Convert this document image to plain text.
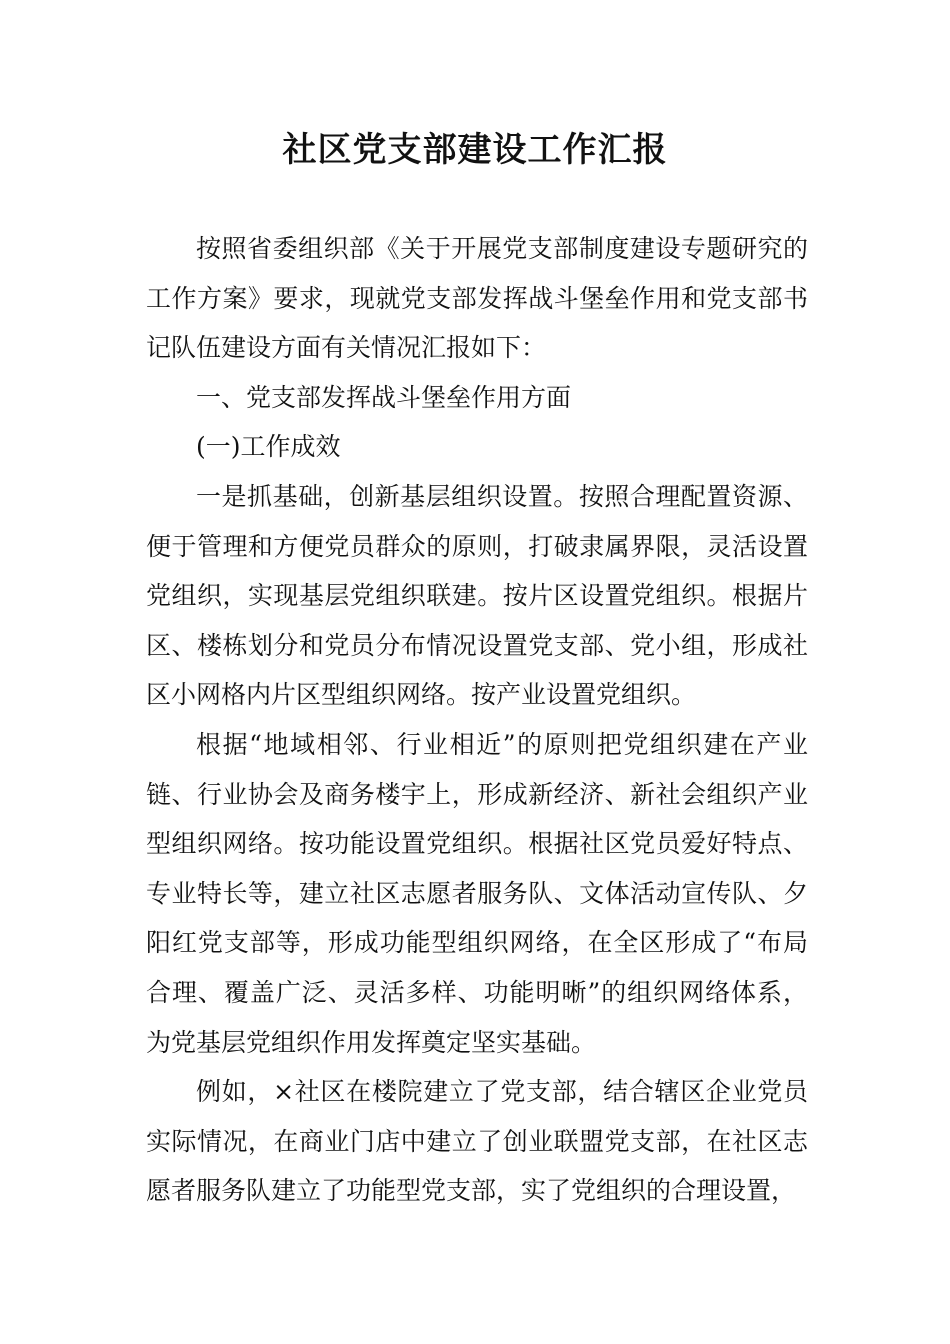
社区党支部建设工作汇报

按照省委组织部《关于开展党支部制度建设专题研究的工作方案》要求，现就党支部发挥战斗堡垒作用和党支部书记队伍建设方面有关情况汇报如下：

一、党支部发挥战斗堡垒作用方面

(一)工作成效

一是抓基础，创新基层组织设置。按照合理配置资源、便于管理和方便党员群众的原则，打破隶属界限，灵活设置党组织，实现基层党组织联建。按片区设置党组织。根据片区、楼栋划分和党员分布情况设置党支部、党小组，形成社区小网格内片区型组织网络。按产业设置党组织。

根据“地域相邻、行业相近”的原则把党组织建在产业链、行业协会及商务楼宇上，形成新经济、新社会组织产业型组织网络。按功能设置党组织。根据社区党员爱好特点、专业特长等，建立社区志愿者服务队、文体活动宣传队、夕阳红党支部等，形成功能型组织网络，在全区形成了“布局合理、覆盖广泛、灵活多样、功能明晰”的组织网络体系，为党基层党组织作用发挥奠定坚实基础。

例如，×社区在楼院建立了党支部，结合辖区企业党员实际情况，在商业门店中建立了创业联盟党支部，在社区志愿者服务队建立了功能型党支部，实了党组织的合理设置，
